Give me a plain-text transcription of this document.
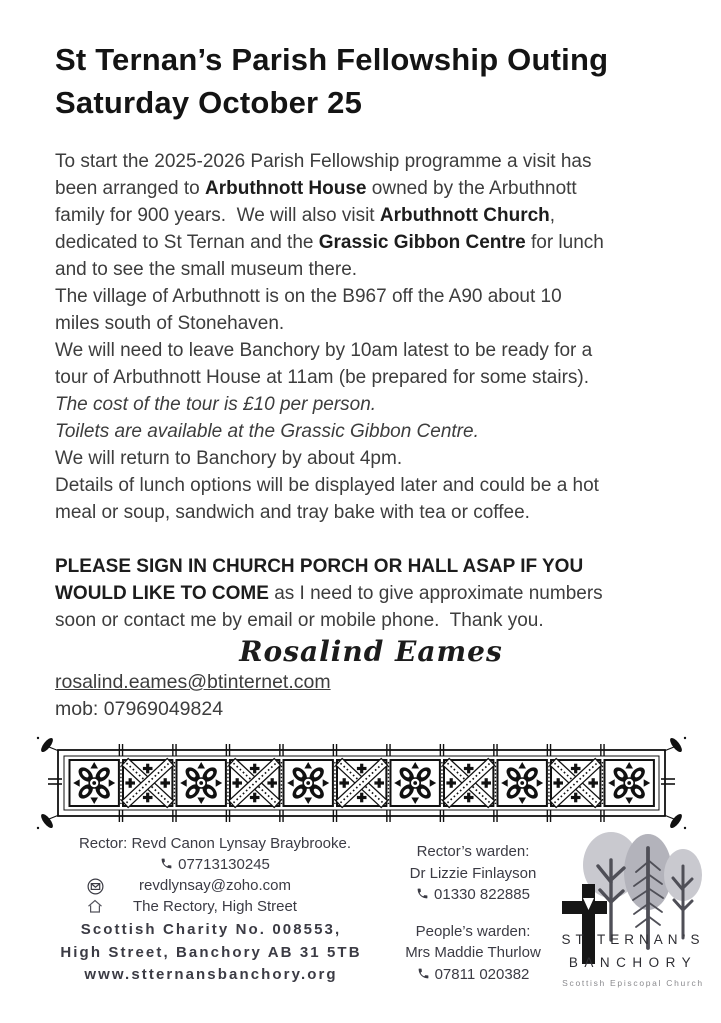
St Ternan’s Parish Fellowship Outing
Saturday October 25
To start the 2025-2026 Parish Fellowship programme a visit has
been arranged to Arbuthnott House owned by the Arbuthnott
family for 900 years.  We will also visit Arbuthnott Church,
dedicated to St Ternan and the Grassic Gibbon Centre for lunch
and to see the small museum there.
The village of Arbuthnott is on the B967 off the A90 about 10
miles south of Stonehaven.
We will need to leave Banchory by 10am latest to be ready for a
tour of Arbuthnott House at 11am (be prepared for some stairs).
The cost of the tour is £10 per person.
Toilets are available at the Grassic Gibbon Centre.
We will return to Banchory by about 4pm.
Details of lunch options will be displayed later and could be a hot
meal or soup, sandwich and tray bake with tea or coffee.
PLEASE SIGN IN CHURCH PORCH OR HALL ASAP IF YOU
WOULD LIKE TO COME as I need to give approximate numbers
soon or contact me by email or mobile phone.  Thank you.
Rosalind Eames
rosalind.eames@btinternet.com
mob: 07969049824
Rector: Revd Canon Lynsay Braybrooke.
07713130245
revdlynsay@zoho.com
The Rectory, High Street
Scottish Charity No. 008553,
High Street, Banchory AB 31 5TB
www.stternansbanchory.org
Rector’s warden:
Dr Lizzie Finlayson
01330 822885
People’s warden:
Mrs Maddie Thurlow
07811 020382
ST TERNAN’S
BANCHORY
Scottish Episcopal Church
